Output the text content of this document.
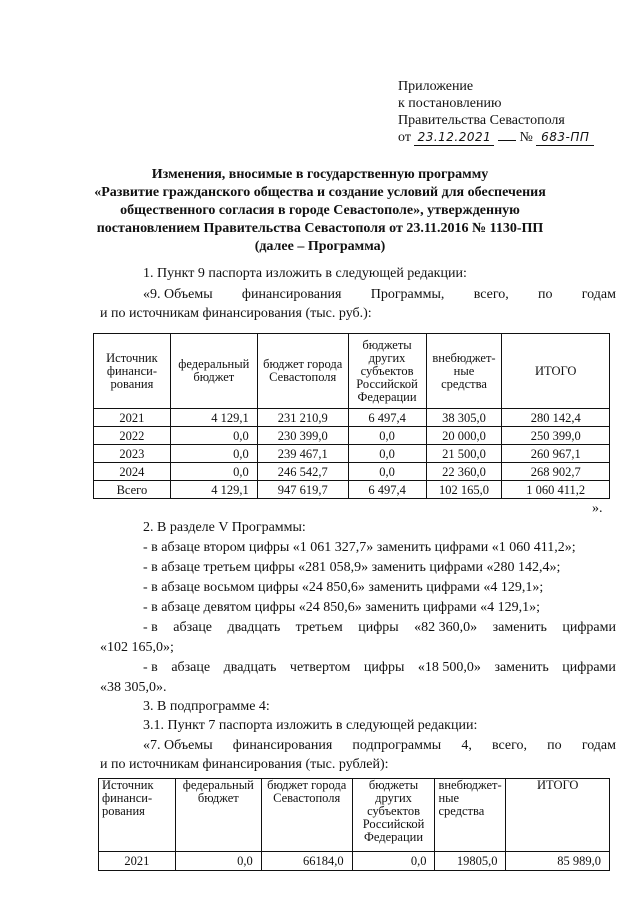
Приложение
к постановлению
Правительства Севастополя
от 23.12.2021 № 683-ПП
Изменения, вносимые в государственную программу
«Развитие гражданского общества и создание условий для обеспечения
общественного согласия в городе Севастополе», утвержденную
постановлением Правительства Севастополя от 23.11.2016 № 1130-ПП
(далее – Программа)
1. Пункт 9 паспорта изложить в следующей редакции:
«9. Объемы финансирования Программы, всего, по годам
и по источникам финансирования (тыс. руб.):
Источник финанси-рования	федеральный бюджет	бюджет города Севастополя	бюджеты других субъектов Российской Федерации	внебюджет-ные средства	ИТОГО
2021	4 129,1	231 210,9	6 497,4	38 305,0	280 142,4
2022	0,0	230 399,0	0,0	20 000,0	250 399,0
2023	0,0	239 467,1	0,0	21 500,0	260 967,1
2024	0,0	246 542,7	0,0	22 360,0	268 902,7
Всего	4 129,1	947 619,7	6 497,4	102 165,0	1 060 411,2
».
2. В разделе V Программы:
- в абзаце втором цифры «1 061 327,7» заменить цифрами «1 060 411,2»;
- в абзаце третьем цифры «281 058,9» заменить цифрами «280 142,4»;
- в абзаце восьмом цифры «24 850,6» заменить цифрами «4 129,1»;
- в абзаце девятом цифры «24 850,6» заменить цифрами «4 129,1»;
- в абзаце двадцать третьем цифры «82 360,0» заменить цифрами
«102 165,0»;
- в абзаце двадцать четвертом цифры «18 500,0» заменить цифрами
«38 305,0».
3. В подпрограмме 4:
3.1. Пункт 7 паспорта изложить в следующей редакции:
«7. Объемы финансирования подпрограммы 4, всего, по годам
и по источникам финансирования (тыс. рублей):
Источник финанси-рования	федеральный бюджет	бюджет города Севастополя	бюджеты других субъектов Российской Федерации	внебюджет-ные средства	ИТОГО
2021	0,0	66184,0	0,0	19805,0	85 989,0
